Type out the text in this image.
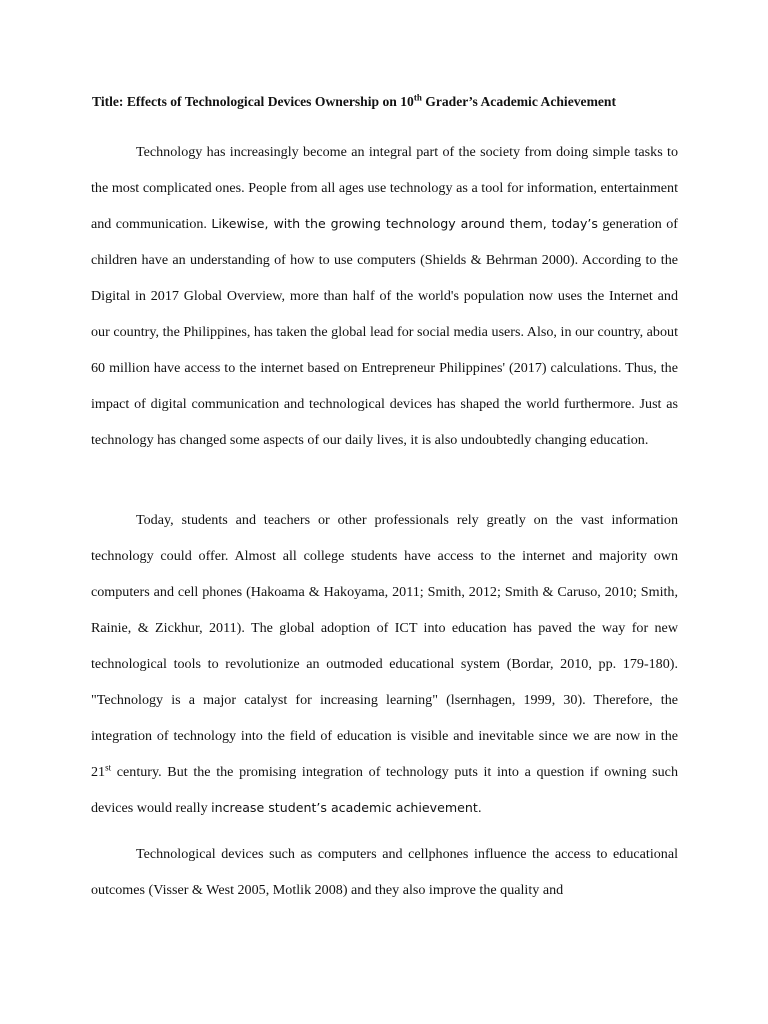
Title: Effects of Technological Devices Ownership on 10th Grader’s Academic Achievement

Technology has increasingly become an integral part of the society from doing simple tasks to the most complicated ones. People from all ages use technology as a tool for information, entertainment and communication. Likewise, with the growing technology around them, today’s generation of children have an understanding of how to use computers (Shields & Behrman 2000). According to the Digital in 2017 Global Overview, more than half of the world's population now uses the Internet and our country, the Philippines, has taken the global lead for social media users. Also, in our country, about 60 million have access to the internet based on Entrepreneur Philippines' (2017) calculations. Thus, the impact of digital communication and technological devices has shaped the world furthermore. Just as technology has changed some aspects of our daily lives, it is also undoubtedly changing education.

Today, students and teachers or other professionals rely greatly on the vast information technology could offer. Almost all college students have access to the internet and majority own computers and cell phones (Hakoama & Hakoyama, 2011; Smith, 2012; Smith & Caruso, 2010; Smith, Rainie, & Zickhur, 2011). The global adoption of ICT into education has paved the way for new technological tools to revolutionize an outmoded educational system (Bordar, 2010, pp. 179-180). "Technology is a major catalyst for increasing learning" (lsernhagen, 1999, 30). Therefore, the integration of technology into the field of education is visible and inevitable since we are now in the 21st century. But the the promising integration of technology puts it into a question if owning such devices would really increase student’s academic achievement.

Technological devices such as computers and cellphones influence the access to educational outcomes (Visser & West 2005, Motlik 2008) and they also improve the quality and
